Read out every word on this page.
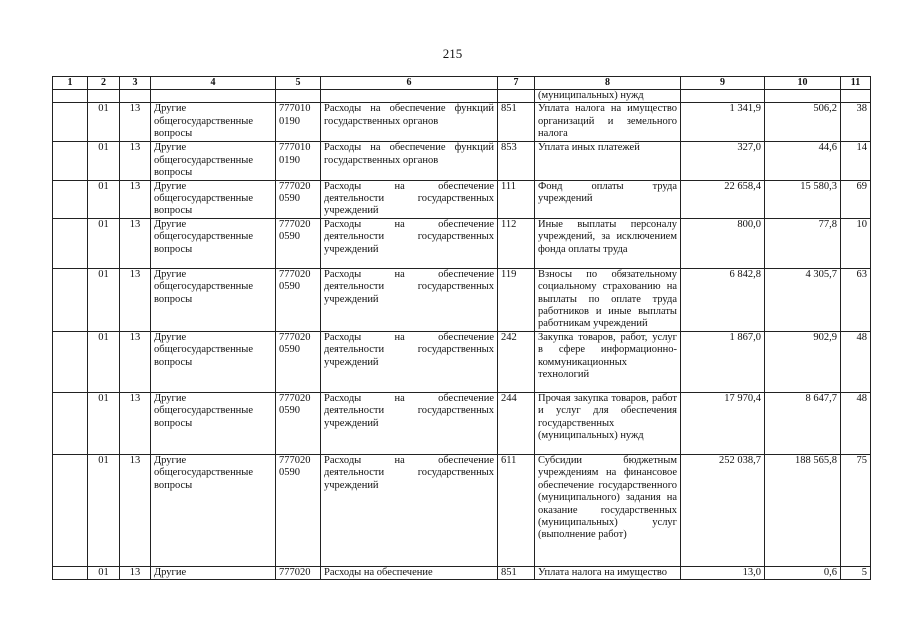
215
1	2	3	4	5	6	7	8	9	10	11
							(муниципальных) нужд			
	01	13	Другие общегосударственные вопросы	777010 0190	Расходы на обеспечение функций государственных органов	851	Уплата налога на имущество организаций и земельного налога	1 341,9	506,2	38
	01	13	Другие общегосударственные вопросы	777010 0190	Расходы на обеспечение функций государственных органов	853	Уплата иных платежей	327,0	44,6	14
	01	13	Другие общегосударственные вопросы	777020 0590	Расходы на обеспечение деятельности государственных учреждений	111	Фонд оплаты труда учреждений	22 658,4	15 580,3	69
	01	13	Другие общегосударственные вопросы	777020 0590	Расходы на обеспечение деятельности государственных учреждений	112	Иные выплаты персоналу учреждений, за исключением фонда оплаты труда	800,0	77,8	10
	01	13	Другие общегосударственные вопросы	777020 0590	Расходы на обеспечение деятельности государственных учреждений	119	Взносы по обязательному социальному страхованию на выплаты по оплате труда работников и иные выплаты работникам учреждений	6 842,8	4 305,7	63
	01	13	Другие общегосударственные вопросы	777020 0590	Расходы на обеспечение деятельности государственных учреждений	242	Закупка товаров, работ, услуг в сфере информационно-коммуникационных технологий	1 867,0	902,9	48
	01	13	Другие общегосударственные вопросы	777020 0590	Расходы на обеспечение деятельности государственных учреждений	244	Прочая закупка товаров, работ и услуг для обеспечения государственных (муниципальных) нужд	17 970,4	8 647,7	48
	01	13	Другие общегосударственные вопросы	777020 0590	Расходы на обеспечение деятельности государственных учреждений	611	Субсидии бюджетным учреждениям на финансовое обеспечение государственного (муниципального) задания на оказание государственных (муниципальных) услуг (выполнение работ)	252 038,7	188 565,8	75
	01	13	Другие	777020	Расходы на обеспечение	851	Уплата налога на имущество	13,0	0,6	5
